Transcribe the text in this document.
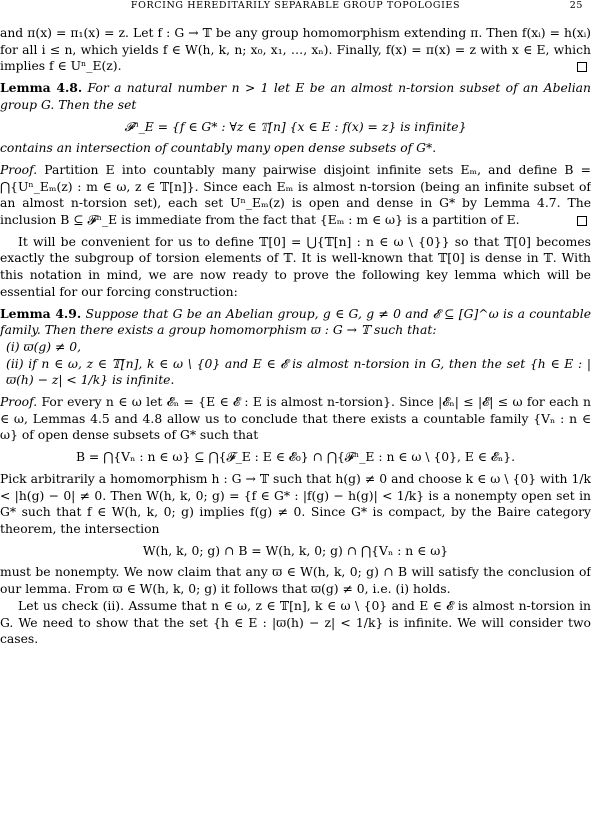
FORCING HEREDITARILY SEPARABLE GROUP TOPOLOGIES	25

and π(x) = π₁(x) = z. Let f : G → 𝕋 be any group homomorphism extending π. Then f(xᵢ) = h(xᵢ) for all i ≤ n, which yields f ∈ W(h, k, n; x₀, x₁, …, xₙ). Finally, f(x) = π(x) = z with x ∈ E, which implies f ∈ Uⁿ_E(z).

Lemma 4.8. For a natural number n > 1 let E be an almost n-torsion subset of an Abelian group G. Then the set

𝓕ⁿ_E = {f ∈ G* : ∀z ∈ 𝕋[n] {x ∈ E : f(x) = z} is infinite}

contains an intersection of countably many open dense subsets of G*.

Proof. Partition E into countably many pairwise disjoint infinite sets Eₘ, and define B = ⋂{Uⁿ_Eₘ(z) : m ∈ ω, z ∈ 𝕋[n]}. Since each Eₘ is almost n-torsion (being an infinite subset of an almost n-torsion set), each set Uⁿ_Eₘ(z) is open and dense in G* by Lemma 4.7. The inclusion B ⊆ 𝓕ⁿ_E is immediate from the fact that {Eₘ : m ∈ ω} is a partition of E.

It will be convenient for us to define 𝕋[0] = ⋃{𝕋[n] : n ∈ ω \ {0}} so that 𝕋[0] becomes exactly the subgroup of torsion elements of 𝕋. It is well-known that 𝕋[0] is dense in 𝕋. With this notation in mind, we are now ready to prove the following key lemma which will be essential for our forcing construction:

Lemma 4.9. Suppose that G be an Abelian group, g ∈ G, g ≠ 0 and 𝓔 ⊆ [G]^ω is a countable family. Then there exists a group homomorphism ϖ : G → 𝕋 such that:

(i) ϖ(g) ≠ 0,

(ii) if n ∈ ω, z ∈ 𝕋[n], k ∈ ω \ {0} and E ∈ 𝓔 is almost n-torsion in G, then the set {h ∈ E : |ϖ(h) − z| < 1/k} is infinite.

Proof. For every n ∈ ω let 𝓔ₙ = {E ∈ 𝓔 : E is almost n-torsion}. Since |𝓔ₙ| ≤ |𝓔| ≤ ω for each n ∈ ω, Lemmas 4.5 and 4.8 allow us to conclude that there exists a countable family {Vₙ : n ∈ ω} of open dense subsets of G* such that

B = ⋂{Vₙ : n ∈ ω} ⊆ ⋂{𝓕_E : E ∈ 𝓔₀} ∩ ⋂{𝓕ⁿ_E : n ∈ ω \ {0}, E ∈ 𝓔ₙ}.

Pick arbitrarily a homomorphism h : G → 𝕋 such that h(g) ≠ 0 and choose k ∈ ω \ {0} with 1/k < |h(g) − 0| ≠ 0. Then W(h, k, 0; g) = {f ∈ G* : |f(g) − h(g)| < 1/k} is a nonempty open set in G* such that f ∈ W(h, k, 0; g) implies f(g) ≠ 0. Since G* is compact, by the Baire category theorem, the intersection

W(h, k, 0; g) ∩ B = W(h, k, 0; g) ∩ ⋂{Vₙ : n ∈ ω}

must be nonempty. We now claim that any ϖ ∈ W(h, k, 0; g) ∩ B will satisfy the conclusion of our lemma. From ϖ ∈ W(h, k, 0; g) it follows that ϖ(g) ≠ 0, i.e. (i) holds.

Let us check (ii). Assume that n ∈ ω, z ∈ 𝕋[n], k ∈ ω \ {0} and E ∈ 𝓔 is almost n-torsion in G. We need to show that the set {h ∈ E : |ϖ(h) − z| < 1/k} is infinite. We will consider two cases.
